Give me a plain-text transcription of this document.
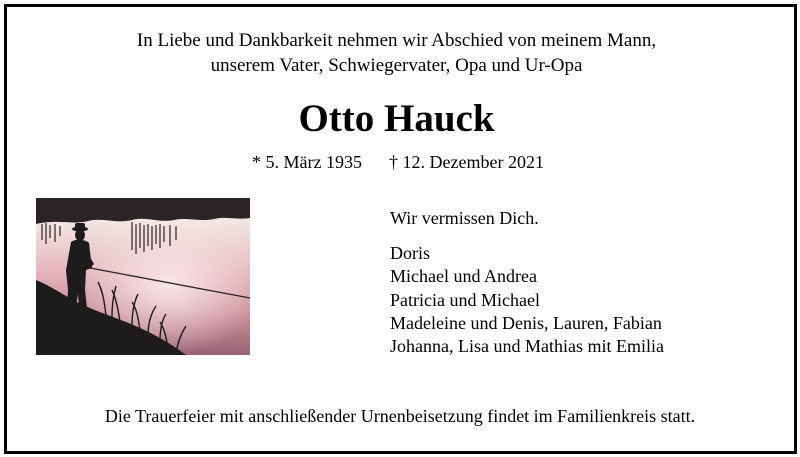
In Liebe und Dankbarkeit nehmen wir Abschied von meinem Mann,
unserem Vater, Schwiegervater, Opa und Ur-Opa
Otto Hauck
* 5. März 1935 † 12. Dezember 2021

Wir vermissen Dich.

Doris
Michael und Andrea
Patricia und Michael
Madeleine und Denis, Lauren, Fabian
Johanna, Lisa und Mathias mit Emilia
Die Trauerfeier mit anschließender Urnenbeisetzung findet im Familienkreis statt.
